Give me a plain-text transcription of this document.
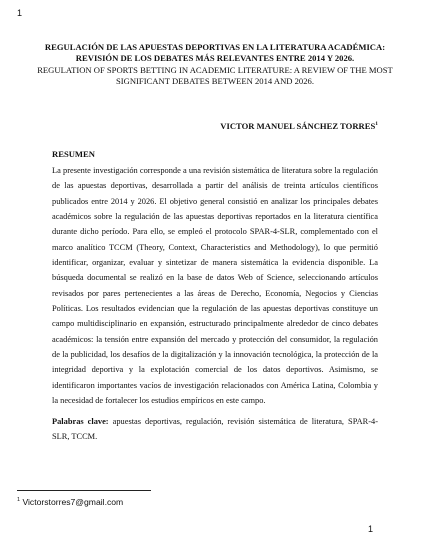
1
REGULACIÓN DE LAS APUESTAS DEPORTIVAS EN LA LITERATURA ACADÉMICA: REVISIÓN DE LOS DEBATES MÁS RELEVANTES ENTRE 2014 Y 2026.
REGULATION OF SPORTS BETTING IN ACADEMIC LITERATURE: A REVIEW OF THE MOST SIGNIFICANT DEBATES BETWEEN 2014 AND 2026.
VICTOR MANUEL SÁNCHEZ TORRES$^1$
RESUMEN

La presente investigación corresponde a una revisión sistemática de literatura sobre la regulación de las apuestas deportivas, desarrollada a partir del análisis de treinta artículos científicos publicados entre 2014 y 2026. El objetivo general consistió en analizar los principales debates académicos sobre la regulación de las apuestas deportivas reportados en la literatura científica durante dicho período. Para ello, se empleó el protocolo SPAR-4-SLR, complementado con el marco analítico TCCM (Theory, Context, Characteristics and Methodology), lo que permitió identificar, organizar, evaluar y sintetizar de manera sistemática la evidencia disponible. La búsqueda documental se realizó en la base de datos Web of Science, seleccionando artículos revisados por pares pertenecientes a las áreas de Derecho, Economía, Negocios y Ciencias Políticas. Los resultados evidencian que la regulación de las apuestas deportivas constituye un campo multidisciplinario en expansión, estructurado principalmente alrededor de cinco debates académicos: la tensión entre expansión del mercado y protección del consumidor, la regulación de la publicidad, los desafíos de la digitalización y la innovación tecnológica, la protección de la integridad deportiva y la explotación comercial de los datos deportivos. Asimismo, se identificaron importantes vacíos de investigación relacionados con América Latina, Colombia y la necesidad de fortalecer los estudios empíricos en este campo.

Palabras clave: apuestas deportivas, regulación, revisión sistemática de literatura, SPAR-4-SLR, TCCM.

$^1$ Victorstorres7@gmail.com
1
